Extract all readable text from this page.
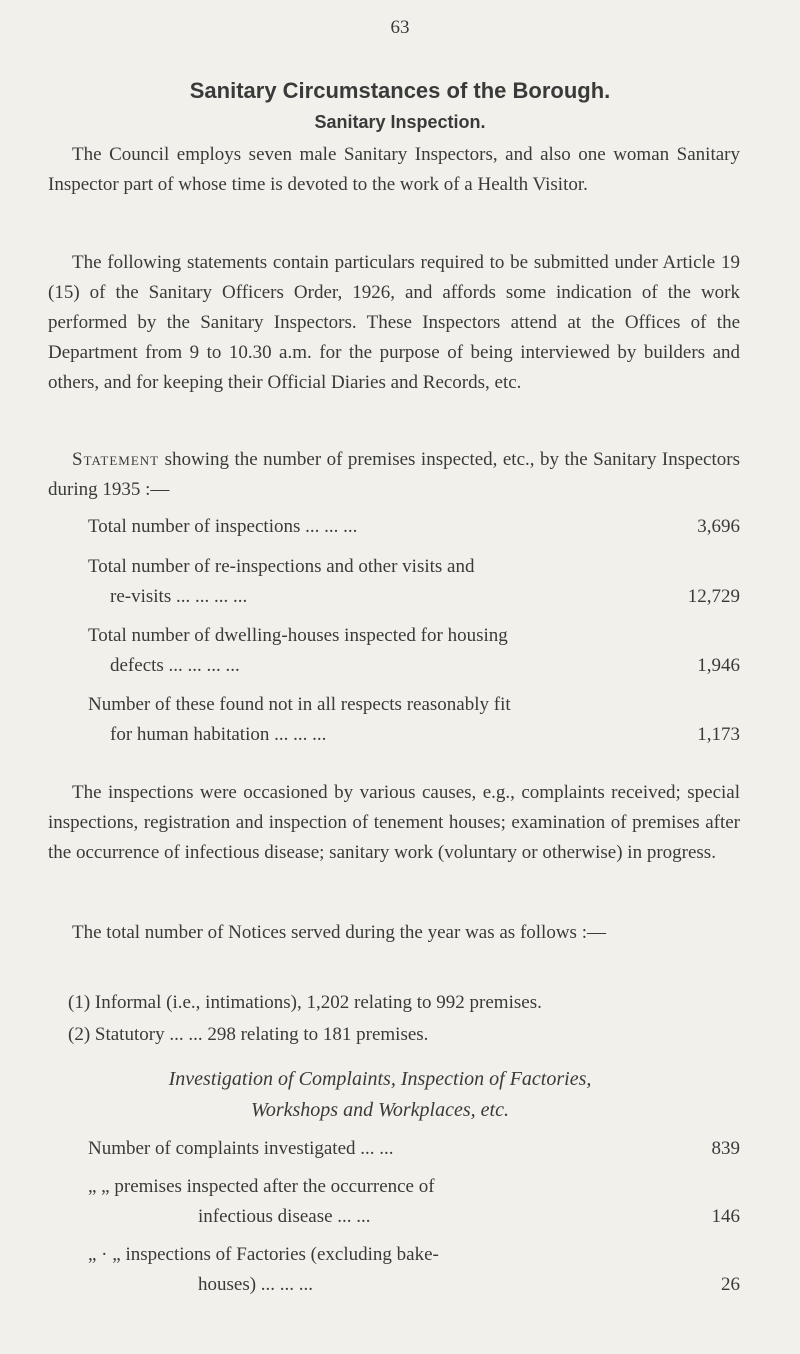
63
Sanitary Circumstances of the Borough.
Sanitary Inspection.

The Council employs seven male Sanitary Inspectors, and also one woman Sanitary Inspector part of whose time is devoted to the work of a Health Visitor.

The following statements contain particulars required to be submitted under Article 19 (15) of the Sanitary Officers Order, 1926, and affords some indication of the work performed by the Sanitary Inspectors. These Inspectors attend at the Offices of the Department from 9 to 10.30 a.m. for the purpose of being interviewed by builders and others, and for keeping their Official Diaries and Records, etc.

Statement showing the number of premises inspected, etc., by the Sanitary Inspectors during 1935 :—

Total number of inspections ... ... ...	3,696
Total number of re-inspections and other visits and
re-visits ... ... ... ...	12,729
Total number of dwelling-houses inspected for housing
defects ... ... ... ...	1,946
Number of these found not in all respects reasonably fit
for human habitation ... ... ...	1,173

The inspections were occasioned by various causes, e.g., complaints received; special inspections, registration and inspection of tenement houses; examination of premises after the occurrence of infectious disease; sanitary work (voluntary or otherwise) in progress.

The total number of Notices served during the year was as follows :—

(1) Informal (i.e., intimations), 1,202 relating to 992 premises.
(2) Statutory ... ... 298 relating to 181 premises.
Investigation of Complaints, Inspection of Factories,
Workshops and Workplaces, etc.
Number of complaints investigated ... ...	839
„ „ premises inspected after the occurrence of
infectious disease ... ...	146
„ · „ inspections of Factories (excluding bake-
houses) ... ... ...	26
